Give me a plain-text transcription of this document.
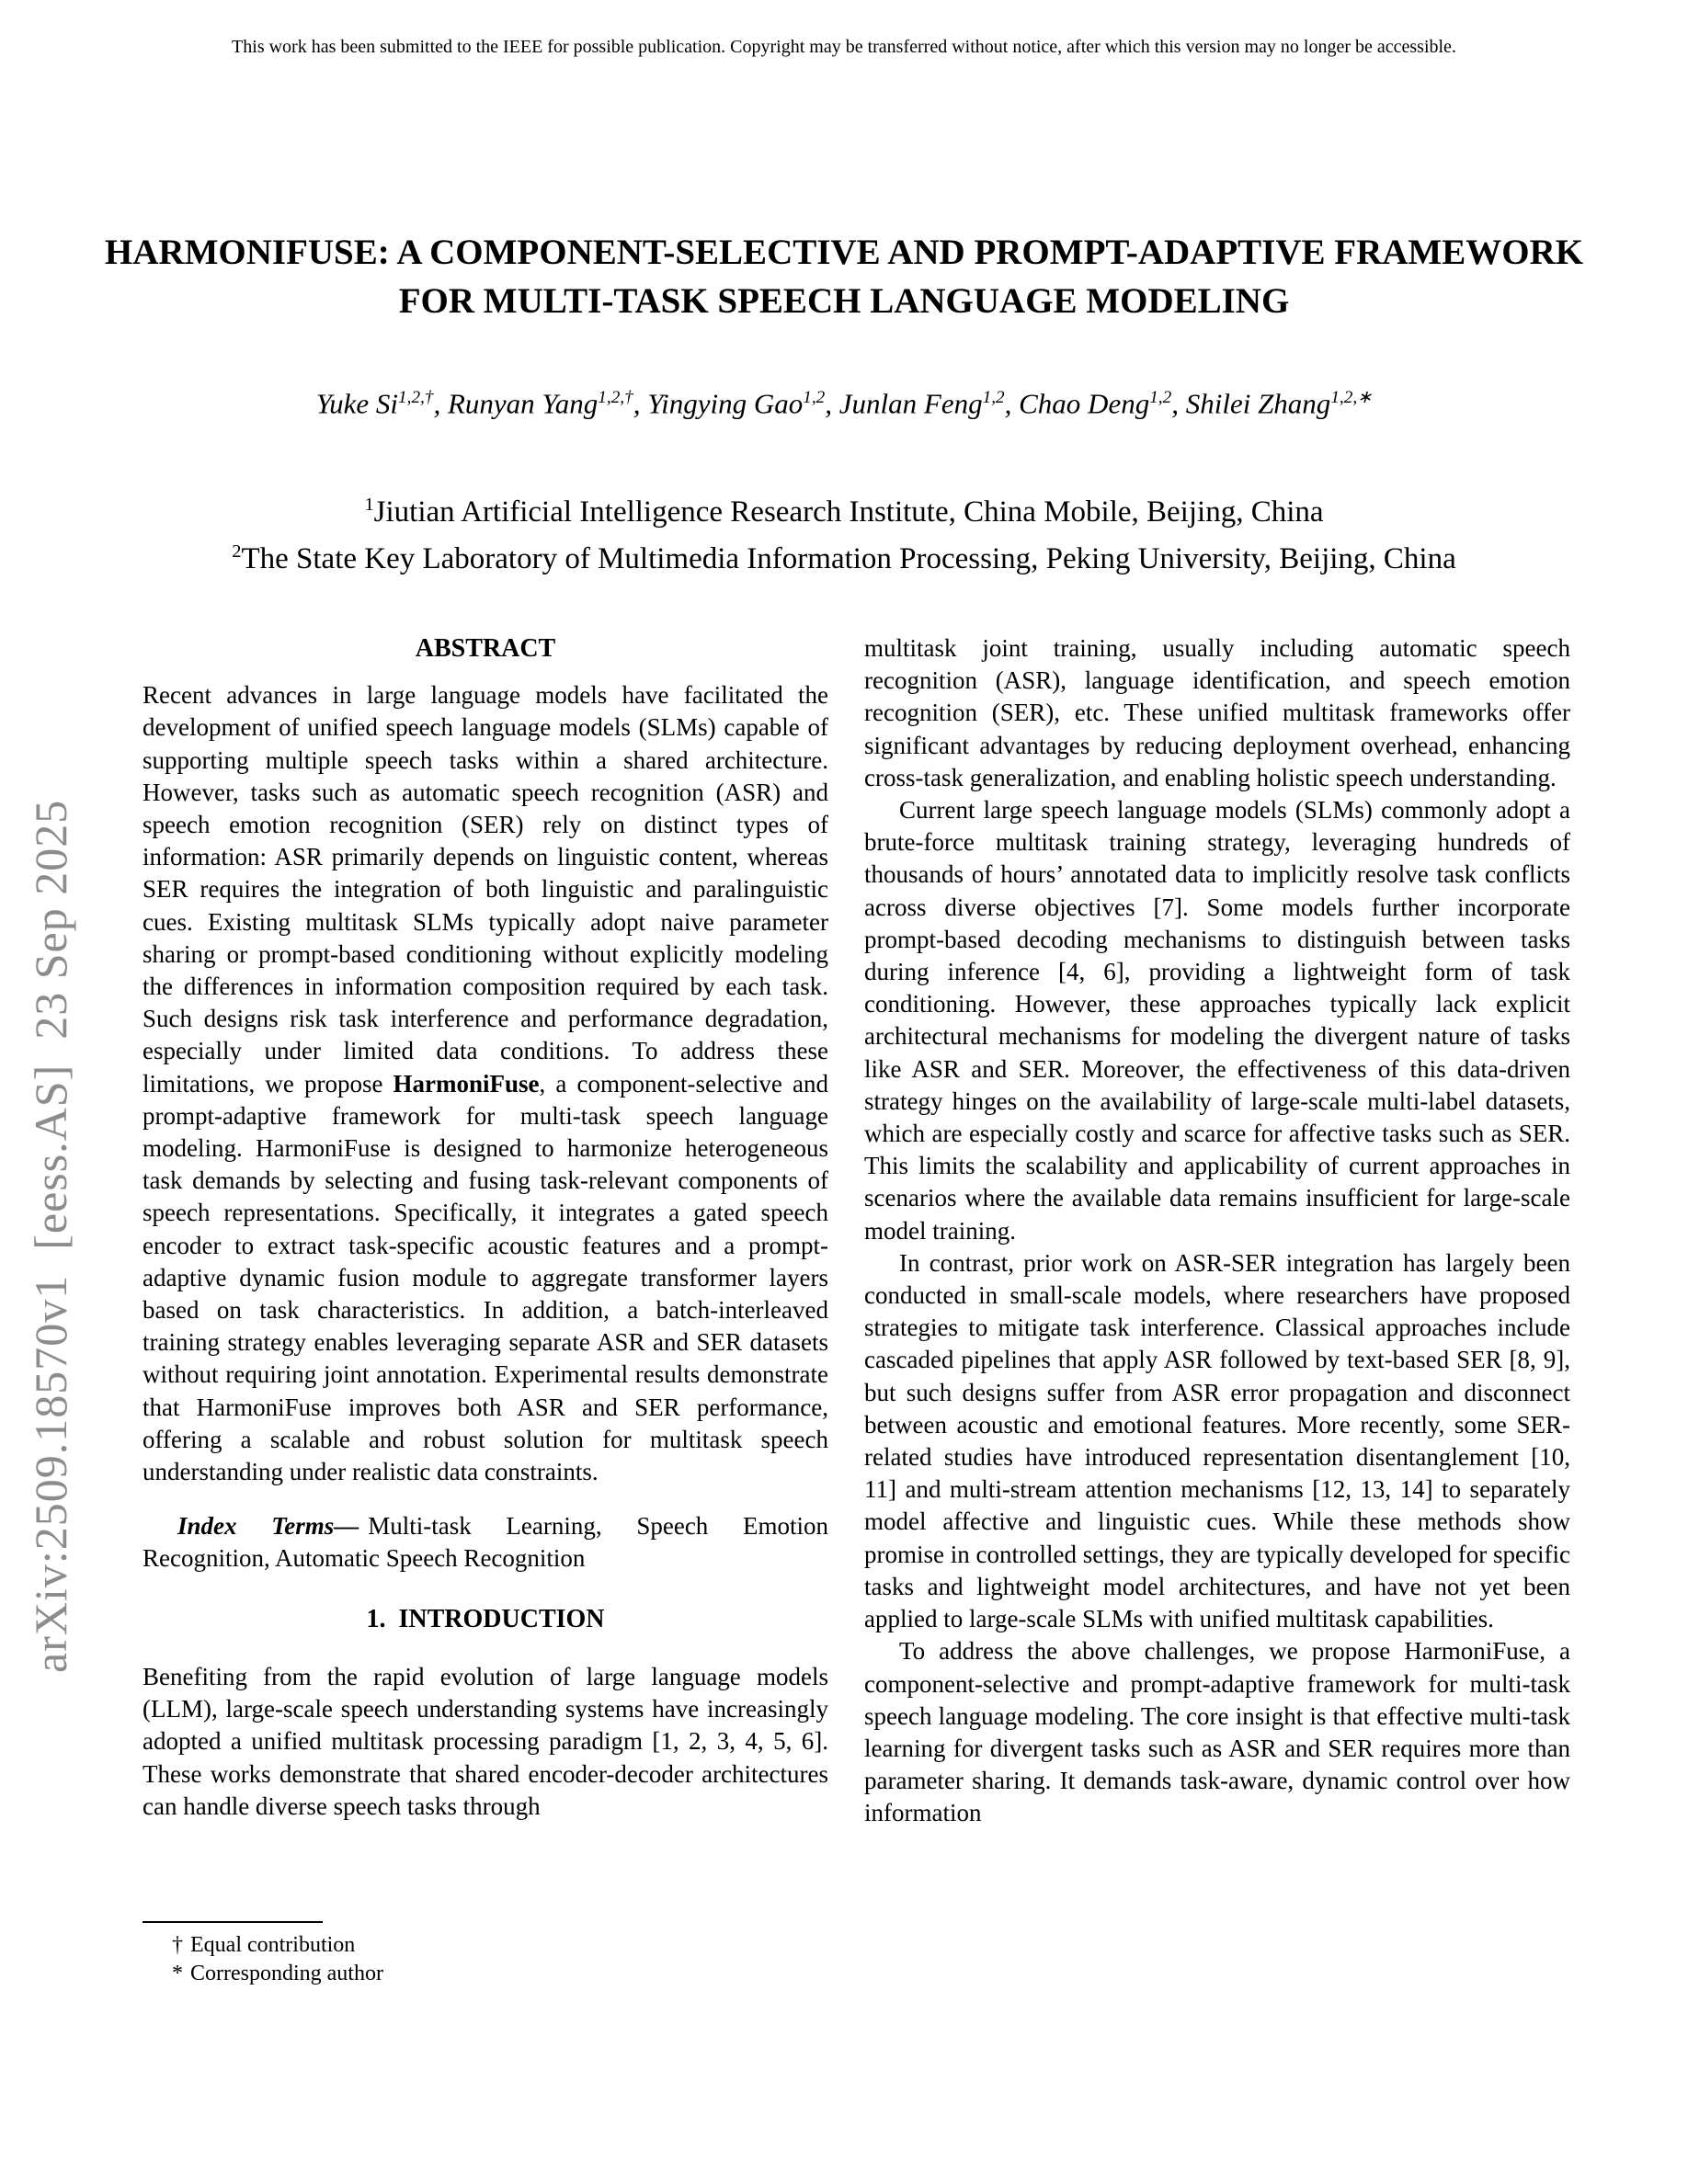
This work has been submitted to the IEEE for possible publication. Copyright may be transferred without notice, after which this version may no longer be accessible.
arXiv:2509.18570v1  [eess.AS]  23 Sep 2025
HARMONIFUSE: A COMPONENT-SELECTIVE AND PROMPT-ADAPTIVE FRAMEWORK
FOR MULTI-TASK SPEECH LANGUAGE MODELING
Yuke $Si^{1,2,\dagger}$, Runyan Yang$^{1,2,\dagger}$, Yingying Gao$^{1,2}$, Junlan Feng$^{1,2}$, Chao Deng$^{1,2}$, Shilei Zhang$^{1,2,∗}$
$^1$Jiutian Artificial Intelligence Research Institute, China Mobile, Beijing, China
$^2$The State Key Laboratory of Multimedia Information Processing, Peking University, Beijing, China
ABSTRACT

Recent advances in large language models have facilitated the development of unified speech language models (SLMs) capable of supporting multiple speech tasks within a shared architecture. However, tasks such as automatic speech recognition (ASR) and speech emotion recognition (SER) rely on distinct types of information: ASR primarily depends on linguistic content, whereas SER requires the integration of both linguistic and paralinguistic cues. Existing multitask SLMs typically adopt naive parameter sharing or prompt-based conditioning without explicitly modeling the differences in information composition required by each task. Such designs risk task interference and performance degradation, especially under limited data conditions. To address these limitations, we propose HarmoniFuse, a component-selective and prompt-adaptive framework for multi-task speech language modeling. HarmoniFuse is designed to harmonize heterogeneous task demands by selecting and fusing task-relevant components of speech representations. Specifically, it integrates a gated speech encoder to extract task-specific acoustic features and a prompt-adaptive dynamic fusion module to aggregate transformer layers based on task characteristics. In addition, a batch-interleaved training strategy enables leveraging separate ASR and SER datasets without requiring joint annotation. Experimental results demonstrate that HarmoniFuse improves both ASR and SER performance, offering a scalable and robust solution for multitask speech understanding under realistic data constraints.

Index Terms— Multi-task Learning, Speech Emotion Recognition, Automatic Speech Recognition

1.  INTRODUCTION

Benefiting from the rapid evolution of large language models (LLM), large-scale speech understanding systems have increasingly adopted a unified multitask processing paradigm [1, 2, 3, 4, 5, 6]. These works demonstrate that shared encoder-decoder architectures can handle diverse speech tasks through

multitask joint training, usually including automatic speech recognition (ASR), language identification, and speech emotion recognition (SER), etc. These unified multitask frameworks offer significant advantages by reducing deployment overhead, enhancing cross-task generalization, and enabling holistic speech understanding.

Current large speech language models (SLMs) commonly adopt a brute-force multitask training strategy, leveraging hundreds of thousands of hours’ annotated data to implicitly resolve task conflicts across diverse objectives [7]. Some models further incorporate prompt-based decoding mechanisms to distinguish between tasks during inference [4, 6], providing a lightweight form of task conditioning. However, these approaches typically lack explicit architectural mechanisms for modeling the divergent nature of tasks like ASR and SER. Moreover, the effectiveness of this data-driven strategy hinges on the availability of large-scale multi-label datasets, which are especially costly and scarce for affective tasks such as SER. This limits the scalability and applicability of current approaches in scenarios where the available data remains insufficient for large-scale model training.

In contrast, prior work on ASR-SER integration has largely been conducted in small-scale models, where researchers have proposed strategies to mitigate task interference. Classical approaches include cascaded pipelines that apply ASR followed by text-based SER [8, 9], but such designs suffer from ASR error propagation and disconnect between acoustic and emotional features. More recently, some SER-related studies have introduced representation disentanglement [10, 11] and multi-stream attention mechanisms [12, 13, 14] to separately model affective and linguistic cues. While these methods show promise in controlled settings, they are typically developed for specific tasks and lightweight model architectures, and have not yet been applied to large-scale SLMs with unified multitask capabilities.

To address the above challenges, we propose HarmoniFuse, a component-selective and prompt-adaptive framework for multi-task speech language modeling. The core insight is that effective multi-task learning for divergent tasks such as ASR and SER requires more than parameter sharing. It demands task-aware, dynamic control over how information

† Equal contribution
* Corresponding author
